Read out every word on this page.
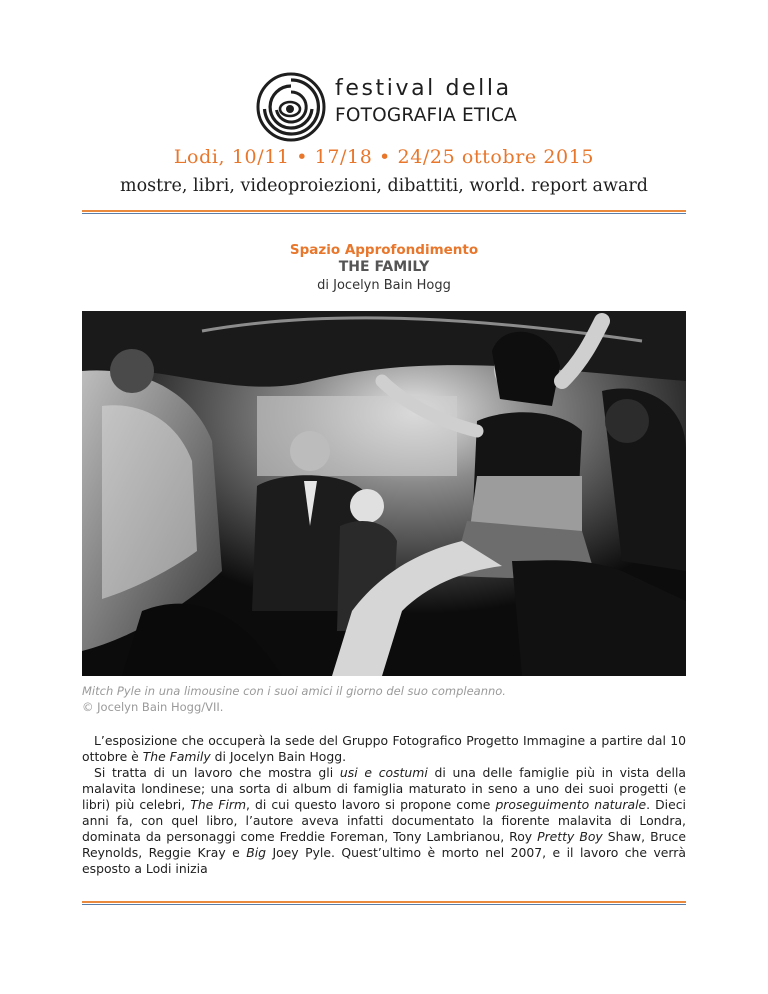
festival della
FOTOGRAFIA ETICA
Lodi, 10/11 • 17/18 • 24/25 ottobre 2015
mostre, libri, videoproiezioni, dibattiti, world. report award
Spazio Approfondimento
THE FAMILY
di Jocelyn Bain Hogg
Mitch Pyle in una limousine con i suoi amici il giorno del suo compleanno.
© Jocelyn Bain Hogg/VII.

L’esposizione che occuperà la sede del Gruppo Fotografico Progetto Immagine a partire dal 10 ottobre è The Family di Jocelyn Bain Hogg.

Si tratta di un lavoro che mostra gli usi e costumi di una delle famiglie più in vista della malavita londinese; una sorta di album di famiglia maturato in seno a uno dei suoi progetti (e libri) più celebri, The Firm, di cui questo lavoro si propone come proseguimento naturale. Dieci anni fa, con quel libro, l’autore aveva infatti documentato la fiorente malavita di Londra, dominata da personaggi come Freddie Foreman, Tony Lambrianou, Roy Pretty Boy Shaw, Bruce Reynolds, Reggie Kray e Big Joey Pyle. Quest’ultimo è morto nel 2007, e il lavoro che verrà esposto a Lodi inizia
